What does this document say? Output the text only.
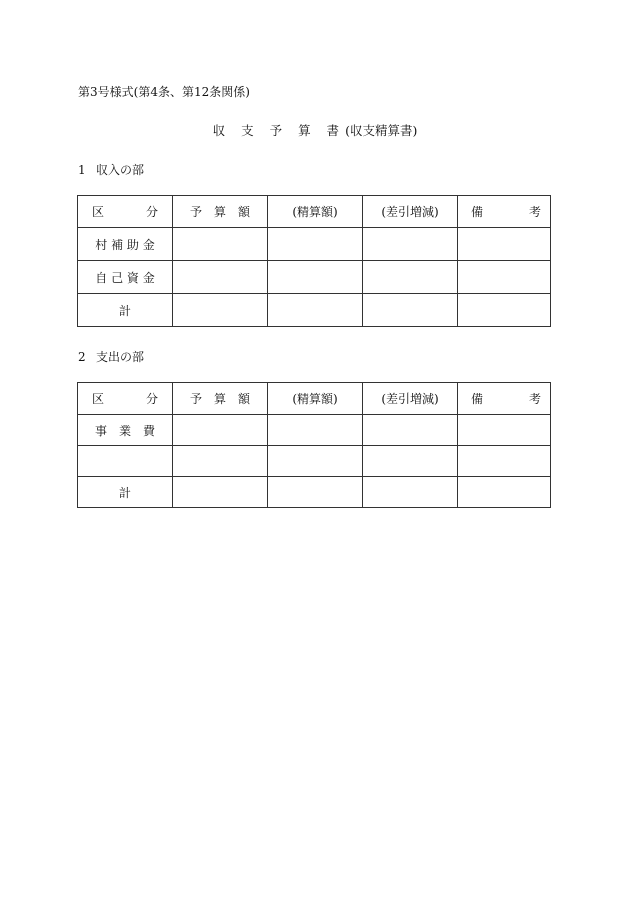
第3号様式(第4条、第12条関係)
収 支 予 算 書(収支精算書)
1 収入の部
区 分	予　算　額	(精算額)	(差引増減)	備 考

村 補 助 金				
自 己 資 金				
計				
2 支出の部
区 分	予　算　額	(精算額)	(差引増減)	備 考

事　業　費				

計				
